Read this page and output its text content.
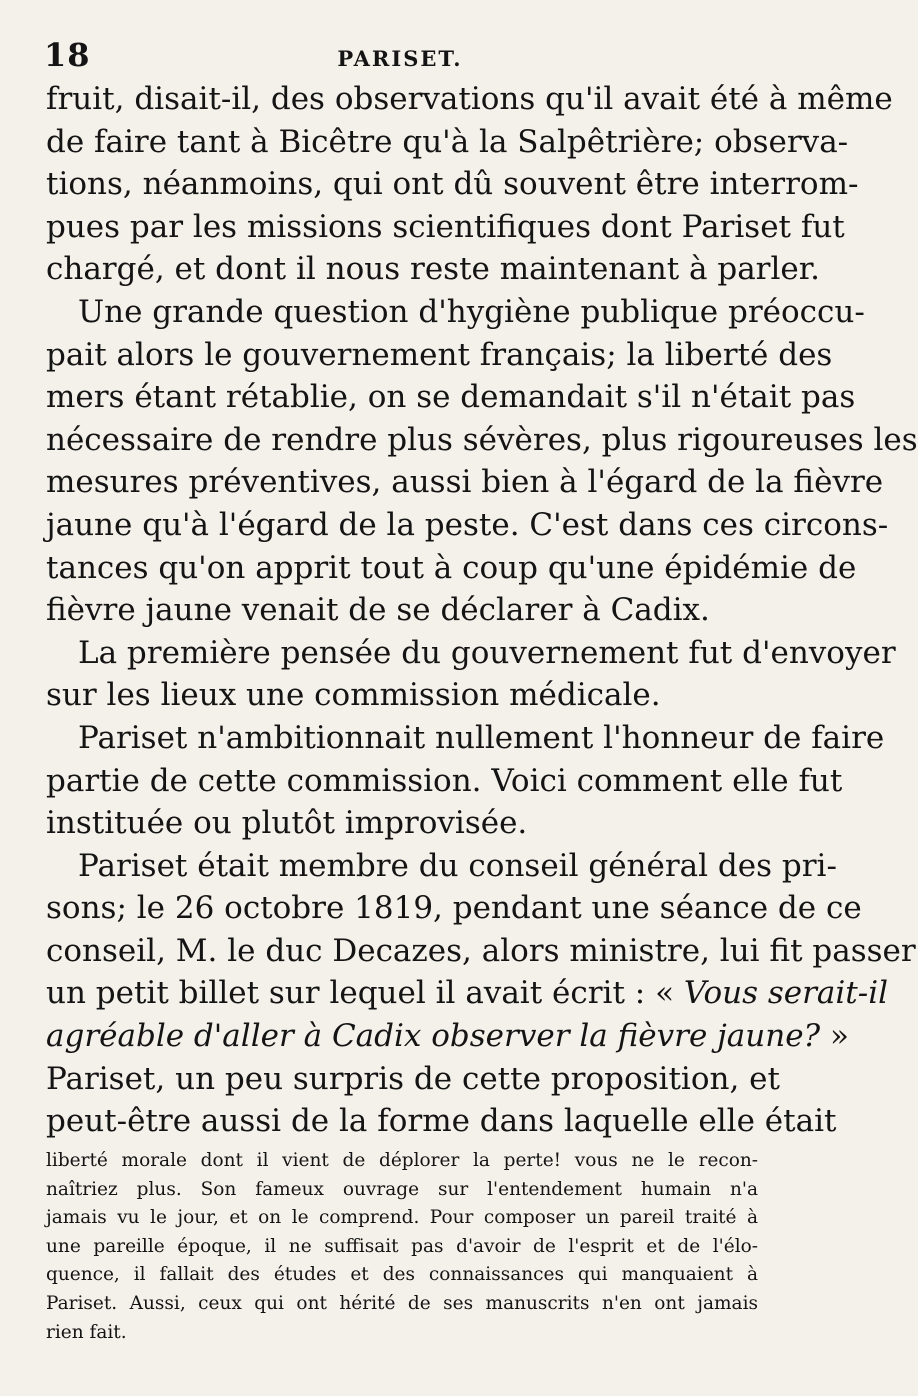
18	PARISET.
fruit, disait-il, des observations qu'il avait été à même
de faire tant à Bicêtre qu'à la Salpêtrière; observa-
tions, néanmoins, qui ont dû souvent être interrom-
pues par les missions scientifiques dont Pariset fut
chargé, et dont il nous reste maintenant à parler.
Une grande question d'hygiène publique préoccu-
pait alors le gouvernement français; la liberté des
mers étant rétablie, on se demandait s'il n'était pas
nécessaire de rendre plus sévères, plus rigoureuses les
mesures préventives, aussi bien à l'égard de la fièvre
jaune qu'à l'égard de la peste. C'est dans ces circons-
tances qu'on apprit tout à coup qu'une épidémie de
fièvre jaune venait de se déclarer à Cadix.
La première pensée du gouvernement fut d'envoyer
sur les lieux une commission médicale.
Pariset n'ambitionnait nullement l'honneur de faire
partie de cette commission. Voici comment elle fut
instituée ou plutôt improvisée.
Pariset était membre du conseil général des pri-
sons; le 26 octobre 1819, pendant une séance de ce
conseil, M. le duc Decazes, alors ministre, lui fit passer
un petit billet sur lequel il avait écrit : « Vous serait-il
agréable d'aller à Cadix observer la fièvre jaune? »
Pariset, un peu surpris de cette proposition, et
peut-être aussi de la forme dans laquelle elle était
liberté morale dont il vient de déplorer la perte! vous ne le recon-
naîtriez plus. Son fameux ouvrage sur l'entendement humain n'a
jamais vu le jour, et on le comprend. Pour composer un pareil traité à
une pareille époque, il ne suffisait pas d'avoir de l'esprit et de l'élo-
quence, il fallait des études et des connaissances qui manquaient à
Pariset. Aussi, ceux qui ont hérité de ses manuscrits n'en ont jamais
rien fait.
